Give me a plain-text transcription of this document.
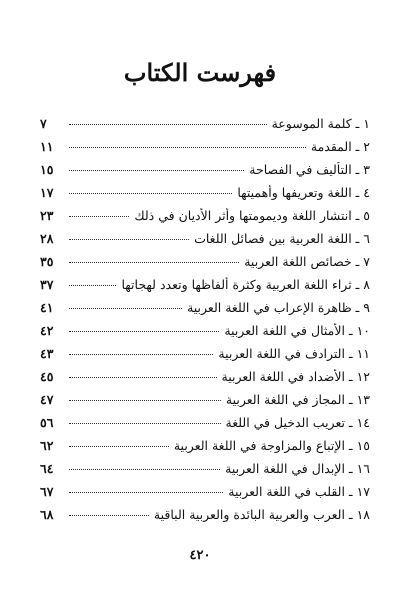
فهرست الكتاب
١ ـ كلمة الموسوعة
٧
٢ ـ المقدمة
١١
٣ ـ التأليف في الفصاحة
١٥
٤ ـ اللغة وتعريفها وأهميتها
١٧
٥ ـ انتشار اللغة وديمومتها وأثر الأديان في ذلك
٢٣
٦ ـ اللغة العربية بين فصائل اللغات
٢٨
٧ ـ خصائص اللغة العربية
٣٥
٨ ـ ثراء اللغة العربية وكثرة ألفاظها وتعدد لهجاتها
٣٧
٩ ـ ظاهرة الإعراب في اللغة العربية
٤١
١٠ ـ الأمثال في اللغة العربية
٤٢
١١ ـ الترادف في اللغة العربية
٤٣
١٢ ـ الأضداد في اللغة العربية
٤٥
١٣ ـ المجاز في اللغة العربية
٤٧
١٤ ـ تعريب الدخيل في اللغة
٥٦
١٥ ـ الإتباع والمزاوجة في اللغة العربية
٦٢
١٦ ـ الإبدال في اللغة العربية
٦٤
١٧ ـ القلب في اللغة العربية
٦٧
١٨ ـ العرب والعربية البائدة والعربية الباقية
٦٨
٤٢٠
